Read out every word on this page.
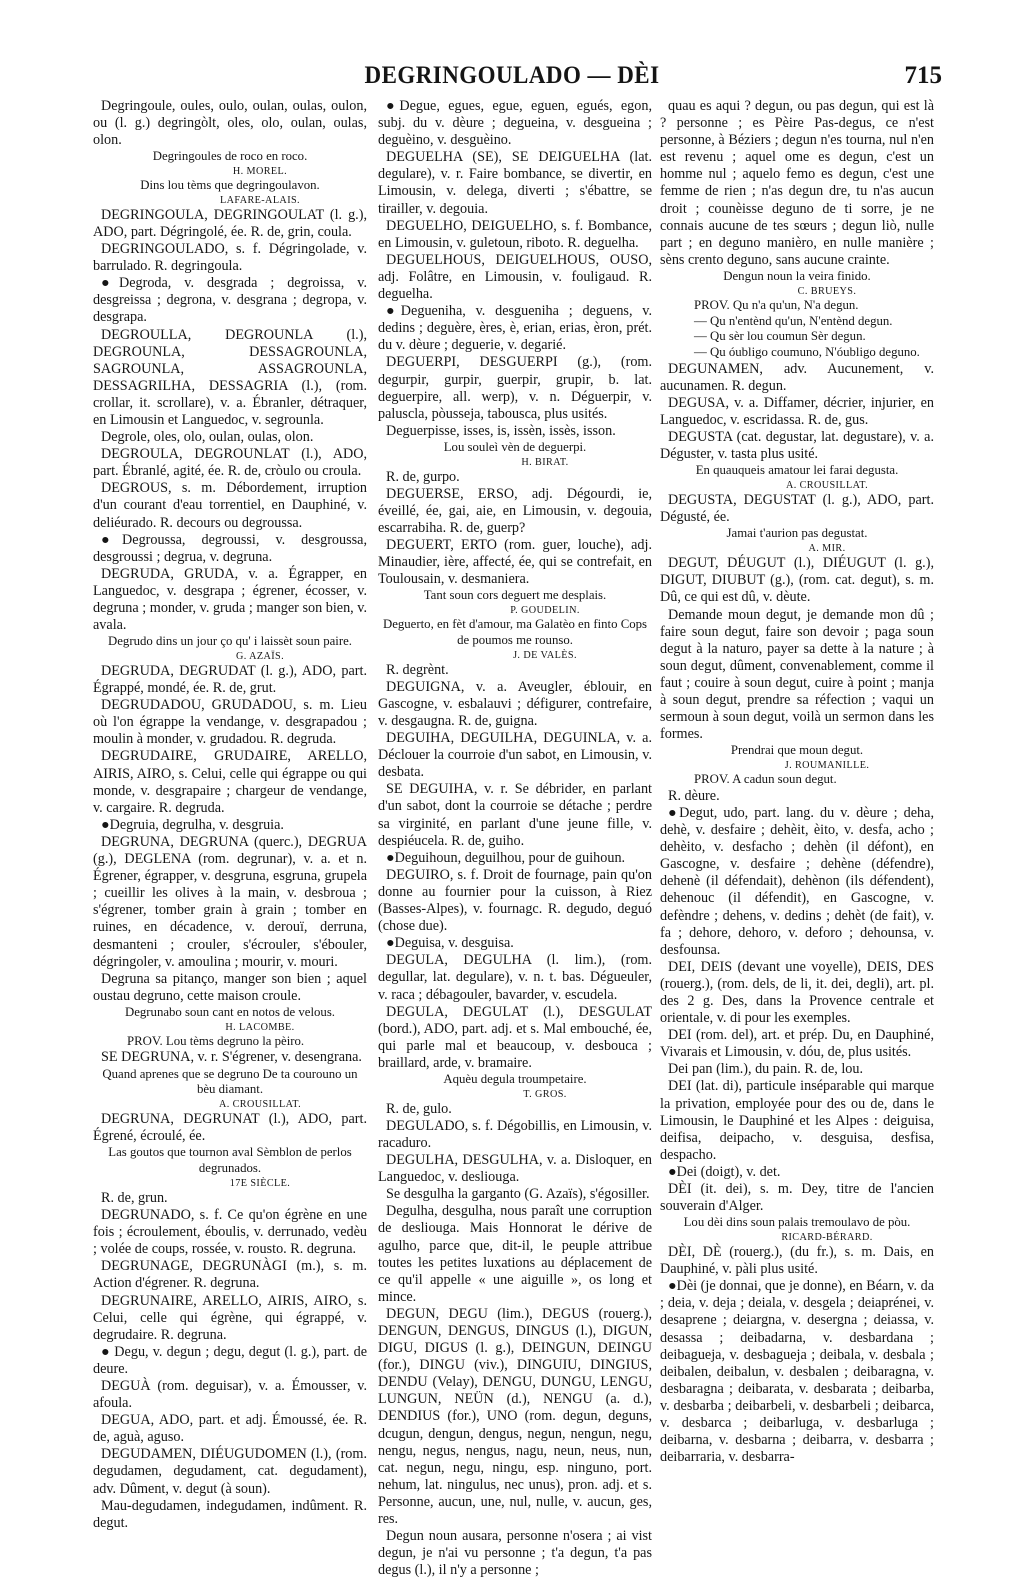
DEGRINGOULADO — DÈI	715

Degringoule, oules, oulo, oulan, oulas, oulon, ou (l. g.) degringòlt, oles, olo, oulan, oulas, olon.

Degringoules de roco en roco.

H. MOREL.

Dins lou tèms que degringoulavon.

LAFARE-ALAIS.

DEGRINGOULA, DEGRINGOULAT (l. g.), ADO, part. Dégringolé, ée. R. de, grin, coula.

DEGRINGOULADO, s. f. Dégringolade, v. barrulado. R. degringoula.

●Degroda, v. desgrada ; degroissa, v. desgreissa ; degrona, v. desgrana ; degropa, v. desgrapa.

DEGROULLA, DEGROUNLA (l.), DEGROUNLA, DESSAGROUNLA, SAGROUNLA, ASSAGROUNLA, DESSAGRILHA, DESSAGRIA (l.), (rom. crollar, it. scrollare), v. a. Ébranler, détraquer, en Limousin et Languedoc, v. segrounla.

Degrole, oles, olo, oulan, oulas, olon.

DEGROULA, DEGROUNLAT (l.), ADO, part. Ébranlé, agité, ée. R. de, cròulo ou croula.

DEGROUS, s. m. Débordement, irruption d'un courant d'eau torrentiel, en Dauphiné, v. deliéurado. R. decours ou degroussa.

●Degroussa, degroussi, v. desgroussa, desgroussi ; degrua, v. degruna.

DEGRUDA, GRUDA, v. a. Égrapper, en Languedoc, v. desgrapa ; égrener, écosser, v. degruna ; monder, v. gruda ; manger son bien, v. avala.

Degrudo dins un jour ço qu' i laissèt soun paire.

G. AZAÏS.

DEGRUDA, DEGRUDAT (l. g.), ADO, part. Égrappé, mondé, ée. R. de, grut.

DEGRUDADOU, GRUDADOU, s. m. Lieu où l'on égrappe la vendange, v. desgrapadou ; moulin à monder, v. grudadou. R. degruda.

DEGRUDAIRE, GRUDAIRE, ARELLO, AIRIS, AIRO, s. Celui, celle qui égrappe ou qui monde, v. desgrapaire ; chargeur de vendange, v. cargaire. R. degruda.

●Degruia, degrulha, v. desgruia.

DEGRUNA, DEGRUNA (querc.), DEGRUA (g.), DEGLENA (rom. degrunar), v. a. et n. Égrener, égrapper, v. desgruna, esgruna, grupela ; cueillir les olives à la main, v. desbroua ; s'égrener, tomber grain à grain ; tomber en ruines, en décadence, v. derouï, derruna, desmanteni ; crouler, s'écrouler, s'ébouler, dégringoler, v. amoulina ; mourir, v. mouri.

Degruna sa pitanço, manger son bien ; aquel oustau degruno, cette maison croule.

Degrunabo soun cant en notos de velous.

H. LACOMBE.

PROV. Lou tèms degruno la pèiro.

SE DEGRUNA, v. r. S'égrener, v. desengrana.

Quand aprenes que se degruno De ta courouno un bèu diamant.

A. CROUSILLAT.

DEGRUNA, DEGRUNAT (l.), ADO, part. Égrené, écroulé, ée.

Las goutos que tournon aval Sèmblon de perlos degrunados.

17E SIÈCLE.

R. de, grun.

DEGRUNADO, s. f. Ce qu'on égrène en une fois ; écroulement, éboulis, v. derrunado, vedèu ; volée de coups, rossée, v. rousto. R. degruna.

DEGRUNAGE, DEGRUNÀGI (m.), s. m. Action d'égrener. R. degruna.

DEGRUNAIRE, ARELLO, AIRIS, AIRO, s. Celui, celle qui égrène, qui égrappé, v. degrudaire. R. degruna.

● Degu, v. degun ; degu, degut (l. g.), part. de deure.

DEGUÀ (rom. deguisar), v. a. Émousser, v. afoula.

DEGUA, ADO, part. et adj. Émoussé, ée. R. de, aguà, aguso.

DEGUDAMEN, DIÉUGUDOMEN (l.), (rom. degudamen, degudament, cat. degudament), adv. Dûment, v. degut (à soun).

Mau-degudamen, indegudamen, indûment. R. degut.

●Degue, egues, egue, eguen, egués, egon, subj. du v. dèure ; degueina, v. desgueina ; deguèino, v. desguèino.

DEGUELHA (SE), SE DEIGUELHA (lat. degulare), v. r. Faire bombance, se divertir, en Limousin, v. delega, diverti ; s'ébattre, se tirailler, v. degouia.

DEGUELHO, DEIGUELHO, s. f. Bombance, en Limousin, v. guletoun, riboto. R. deguelha.

DEGUELHOUS, DEIGUELHOUS, OUSO, adj. Folâtre, en Limousin, v. fouligaud. R. deguelha.

●Degueniha, v. desgueniha ; deguens, v. dedins ; deguère, ères, è, erian, erias, èron, prét. du v. dèure ; deguerie, v. degarié.

DEGUERPI, DESGUERPI (g.), (rom. degurpir, gurpir, guerpir, grupir, b. lat. deguerpire, all. werp), v. n. Déguerpir, v. paluscla, pòusseja, tabousca, plus usités.

Deguerpisse, isses, is, issèn, issès, isson.

Lou souleì vèn de deguerpi.

H. BIRAT.

R. de, gurpo.

DEGUERSE, ERSO, adj. Dégourdi, ie, éveillé, ée, gai, aie, en Limousin, v. degouia, escarrabiha. R. de, guerp?

DEGUERT, ERTO (rom. guer, louche), adj. Minaudier, ière, affecté, ée, qui se contrefait, en Toulousain, v. desmaniera.

Tant soun cors deguert me desplais.

P. GOUDELIN.

Deguerto, en fèt d'amour, ma Galatèo en finto Cops de poumos me rounso.

J. DE VALÈS.

R. degrènt.

DEGUIGNA, v. a. Aveugler, éblouir, en Gascogne, v. esbalauvi ; défigurer, contrefaire, v. desgaugna. R. de, guigna.

DEGUIHA, DEGUILHA, DEGUINLA, v. a. Déclouer la courroie d'un sabot, en Limousin, v. desbata.

SE DEGUIHA, v. r. Se débrider, en parlant d'un sabot, dont la courroie se détache ; perdre sa virginité, en parlant d'une jeune fille, v. despiéucela. R. de, guiho.

●Deguihoun, deguilhou, pour de guihoun.

DEGUIRO, s. f. Droit de fournage, pain qu'on donne au fournier pour la cuisson, à Riez (Basses-Alpes), v. fournagc. R. degudo, deguó (chose due).

●Deguisa, v. desguisa.

DEGULA, DEGULHA (l. lim.), (rom. degullar, lat. degulare), v. n. t. bas. Dégueuler, v. raca ; débagouler, bavarder, v. escudela.

DEGULA, DEGULAT (l.), DESGULAT (bord.), ADO, part. adj. et s. Mal embouché, ée, qui parle mal et beaucoup, v. desbouca ; braillard, arde, v. bramaire.

Aquèu degula troumpetaire.

T. GROS.

R. de, gulo.

DEGULADO, s. f. Dégobillis, en Limousin, v. racaduro.

DEGULHA, DESGULHA, v. a. Disloquer, en Languedoc, v. desliouga.

Se desgulha la garganto (G. Azaïs), s'égosiller.

Degulha, desgulha, nous paraît une corruption de desliouga. Mais Honnorat le dérive de agulho, parce que, dit-il, le peuple attribue toutes les petites luxations au déplacement de ce qu'il appelle « une aiguille », os long et mince.

DEGUN, DEGU (lim.), DEGUS (rouerg.), DENGUN, DENGUS, DINGUS (l.), DIGUN, DIGU, DIGUS (l. g.), DEINGUN, DEINGU (for.), DINGU (viv.), DINGUIU, DINGIUS, DENDU (Velay), DENGU, DUNGU, LENGU, LUNGUN, NEÜN (d.), NENGU (a. d.), DENDIUS (for.), UNO (rom. degun, deguns, dcugun, dengun, dengus, negun, nengun, negu, nengu, negus, nengus, nagu, neun, neus, nun, cat. negun, negu, ningu, esp. ninguno, port. nehum, lat. ningulus, nec unus), pron. adj. et s. Personne, aucun, une, nul, nulle, v. aucun, ges, res.

Degun noun ausara, personne n'osera ; ai vist degun, je n'ai vu personne ; t'a degun, t'a pas degus (l.), il n'y a personne ;

quau es aqui ? degun, ou pas degun, qui est là ? personne ; es Pèire Pas-degus, ce n'est personne, à Béziers ; degun n'es tourna, nul n'en est revenu ; aquel ome es degun, c'est un homme nul ; aquelo femo es degun, c'est une femme de rien ; n'as degun dre, tu n'as aucun droit ; counèisse deguno de ti sorre, je ne connais aucune de tes sœurs ; degun liò, nulle part ; en deguno manièro, en nulle manière ; sèns crento deguno, sans aucune crainte.

Dengun noun la veira finido.

C. BRUEYS.

PROV. Qu n'a qu'un, N'a degun.

— Qu n'entènd qu'un, N'entènd degun.

— Qu sèr lou coumun Sèr degun.

— Qu óubligo coumuno, N'óubligo deguno.

DEGUNAMEN, adv. Aucunement, v. aucunamen. R. degun.

DEGUSA, v. a. Diffamer, décrier, injurier, en Languedoc, v. escridassa. R. de, gus.

DEGUSTA (cat. degustar, lat. degustare), v. a. Déguster, v. tasta plus usité.

En quauqueis amatour lei farai degusta.

A. CROUSILLAT.

DEGUSTA, DEGUSTAT (l. g.), ADO, part. Dégusté, ée.

Jamai t'aurion pas degustat.

A. MIR.

DEGUT, DÉUGUT (l.), DIÉUGUT (l. g.), DIGUT, DIUBUT (g.), (rom. cat. degut), s. m. Dû, ce qui est dû, v. dèute.

Demande moun degut, je demande mon dû ; faire soun degut, faire son devoir ; paga soun degut à la naturo, payer sa dette à la nature ; à soun degut, dûment, convenablement, comme il faut ; couire à soun degut, cuire à point ; manja à soun degut, prendre sa réfection ; vaqui un sermoun à soun degut, voilà un sermon dans les formes.

Prendrai que moun degut.

J. ROUMANILLE.

PROV. A cadun soun degut.

R. dèure.

●Degut, udo, part. lang. du v. dèure ; deha, dehè, v. desfaire ; dehèit, èito, v. desfa, acho ; dehèito, v. desfacho ; dehèn (il défont), en Gascogne, v. desfaire ; dehène (défendre), dehenè (il défendait), dehènon (ils défendent), dehenouc (il défendit), en Gascogne, v. defèndre ; dehens, v. dedins ; dehèt (de fait), v. fa ; dehore, dehoro, v. deforo ; dehounsa, v. desfounsa.

DEI, DEIS (devant une voyelle), DEIS, DES (rouerg.), (rom. dels, de li, it. dei, degli), art. pl. des 2 g. Des, dans la Provence centrale et orientale, v. di pour les exemples.

DEI (rom. del), art. et prép. Du, en Dauphiné, Vivarais et Limousin, v. dóu, de, plus usités.

Dei pan (lim.), du pain. R. de, lou.

DEI (lat. di), particule inséparable qui marque la privation, employée pour des ou de, dans le Limousin, le Dauphiné et les Alpes : deiguisa, deifisa, deipacho, v. desguisa, desfisa, despacho.

●Dei (doigt), v. det.

DÈI (it. dei), s. m. Dey, titre de l'ancien souverain d'Alger.

Lou dèi dins soun palais tremoulavo de pòu.

RICARD-BÉRARD.

DÈI, DÈ (rouerg.), (du fr.), s. m. Dais, en Dauphiné, v. pàli plus usité.

●Dèi (je donnai, que je donne), en Béarn, v. da ; deia, v. deja ; deiala, v. desgela ; deiaprénei, v. desaprene ; deiargna, v. desergna ; deiassa, v. desassa ; deibadarna, v. desbardana ; deibagueja, v. desbagueja ; deibala, v. desbala ; deibalen, deibalun, v. desbalen ; deibaragna, v. desbaragna ; deibarata, v. desbarata ; deibarba, v. desbarba ; deibarbeli, v. desbarbeli ; deibarca, v. desbarca ; deibarluga, v. desbarluga ; deibarna, v. desbarna ; deibarra, v. desbarra ; deibarraria, v. desbarra-
